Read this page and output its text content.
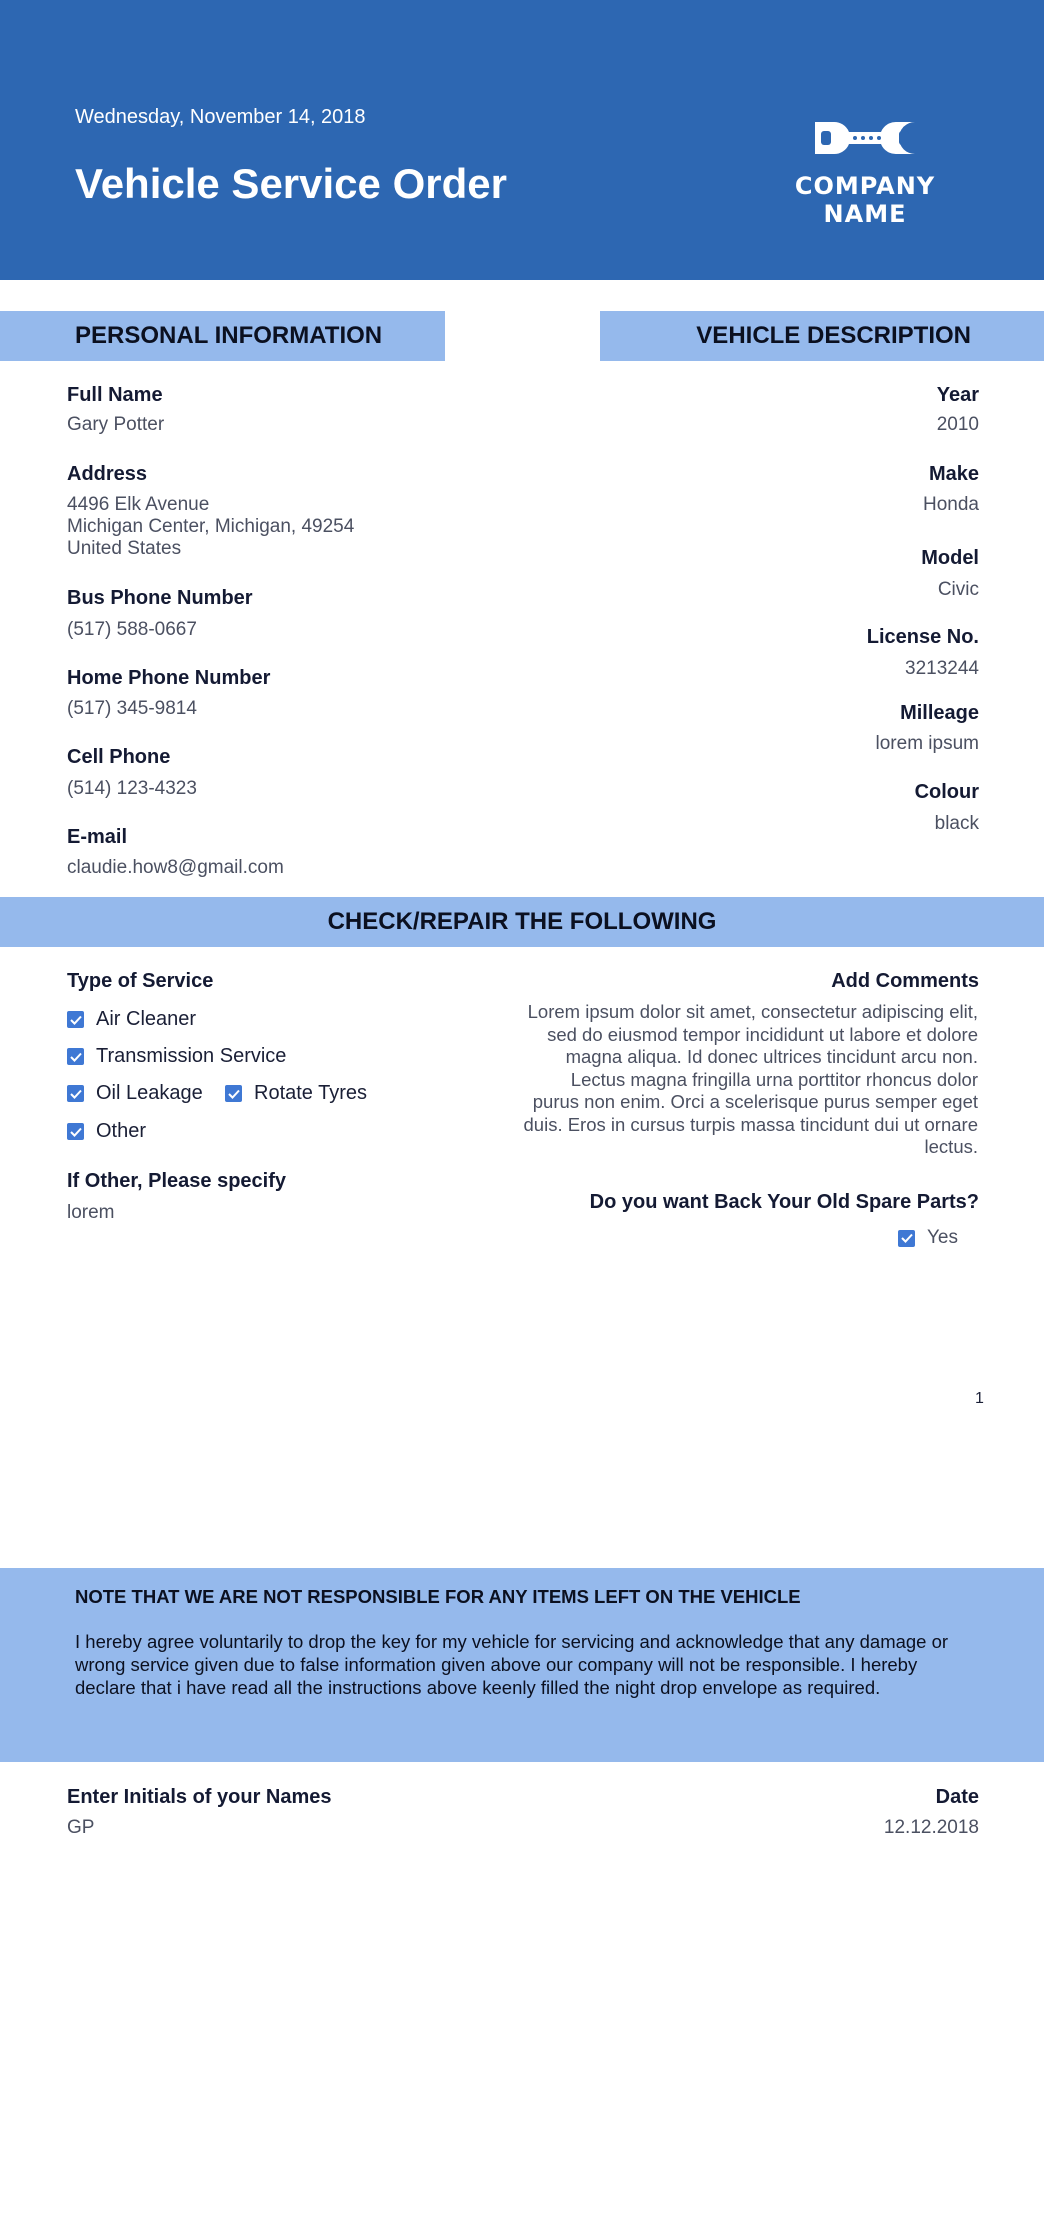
Wednesday, November 14, 2018
Vehicle Service Order	COMPANY NAME
PERSONAL INFORMATION	VEHICLE DESCRIPTION
Full Name
Gary Potter
Address
4496 Elk Avenue
Michigan Center, Michigan, 49254
United States
Bus Phone Number
(517) 588-0667
Home Phone Number
(517) 345-9814
Cell Phone
(514) 123-4323
E-mail
claudie.how8@gmail.com
Year
2010
Make
Honda
Model
Civic
License No.
3213244
Milleage
lorem ipsum
Colour
black
CHECK/REPAIR THE FOLLOWING
Type of Service
Air Cleaner
Transmission Service
Oil Leakage	Rotate Tyres
Other
If Other, Please specify
lorem
Add Comments
Lorem ipsum dolor sit amet, consectetur adipiscing elit, sed do eiusmod tempor incididunt ut labore et dolore magna aliqua. Id donec ultrices tincidunt arcu non. Lectus magna fringilla urna porttitor rhoncus dolor purus non enim. Orci a scelerisque purus semper eget duis. Eros in cursus turpis massa tincidunt dui ut ornare lectus.
Do you want Back Your Old Spare Parts?
Yes
1
NOTE THAT WE ARE NOT RESPONSIBLE FOR ANY ITEMS LEFT ON THE VEHICLE
I hereby agree voluntarily to drop the key for my vehicle for servicing and acknowledge that any damage or wrong service given due to false information given above our company will not be responsible. I hereby declare that i have read all the instructions above keenly filled the night drop envelope as required.
Enter Initials of your Names
GP
Date
12.12.2018
